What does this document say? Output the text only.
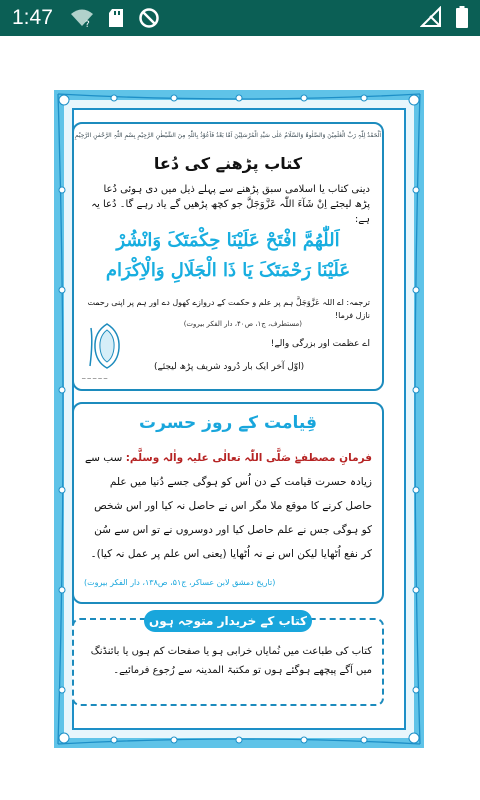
1:47	?
اَلْحَمْدُ لِلّٰہِ رَبِّ الْعٰلَمِیْنَ وَالصَّلٰوۃُ وَالسَّلَامُ عَلٰی سَیِّدِ الْمُرْسَلِیْنَ اَمَّا بَعْدُ فَاَعُوْذُ بِاللّٰہِ مِنَ الشَّیْطٰنِ الرَّجِیْمِ بِسْمِ اللّٰہِ الرَّحْمٰنِ الرَّحِیْمِ
کتاب پڑھنے کی دُعا
دینی کتاب یا اسلامی سبق پڑھنے سے پہلے ذیل میں دی ہوئی دُعا پڑھ لیجئے اِنْ شَآءَ اللّٰہ عَزَّوَجَلَّ جو کچھ پڑھیں گے یاد رہے گا۔ دُعا یہ ہے:
اَللّٰھُمَّ افْتَحْ عَلَیْنَا حِکْمَتَکَ وَانْشُرْ
عَلَیْنَا رَحْمَتَکَ یَا ذَا الْجَلَالِ وَالْاِکْرَام
ترجمہ: اے اللہ عَزَّوَجَلَّ ہم پر علم و حکمت کے دروازے کھول دے اور ہم پر اپنی رحمت نازل فرما!
(مستطرف، ج۱، ص۴۰، دار الفکر بیروت)
اے عظمت اور بزرگی والے!
ــ ــ ــ ــ ــ
(اوّل آخر ایک بار دُرود شریف پڑھ لیجئے)
قِیامت کے روز حسرت
فرمانِ مصطفےٰ صَلَّی اللّٰہ تعالٰی علیہ واٰلہ وسلَّم: سب سے زیادہ حسرت قیامت کے دن اُس کو ہوگی جسے دُنیا میں علم حاصل کرنے کا موقع ملا مگر اس نے حاصل نہ کیا اور اس شخص کو ہوگی جس نے علم حاصل کیا اور دوسروں نے تو اس سے سُن کر نفع اُٹھایا لیکن اس نے نہ اُٹھایا (یعنی اس علم پر عمل نہ کیا)۔
(تاریخ دمشق لابن عساکر، ج۵۱، ص۱۳۸، دار الفکر بیروت)
کتاب کے خریدار متوجہ ہوں
کتاب کی طباعت میں نُمایاں خرابی ہو یا صفحات کم ہوں یا بائنڈنگ میں آگے پیچھے ہوگئے ہوں تو مکتبۃ المدینہ سے رُجوع فرمائیے۔
